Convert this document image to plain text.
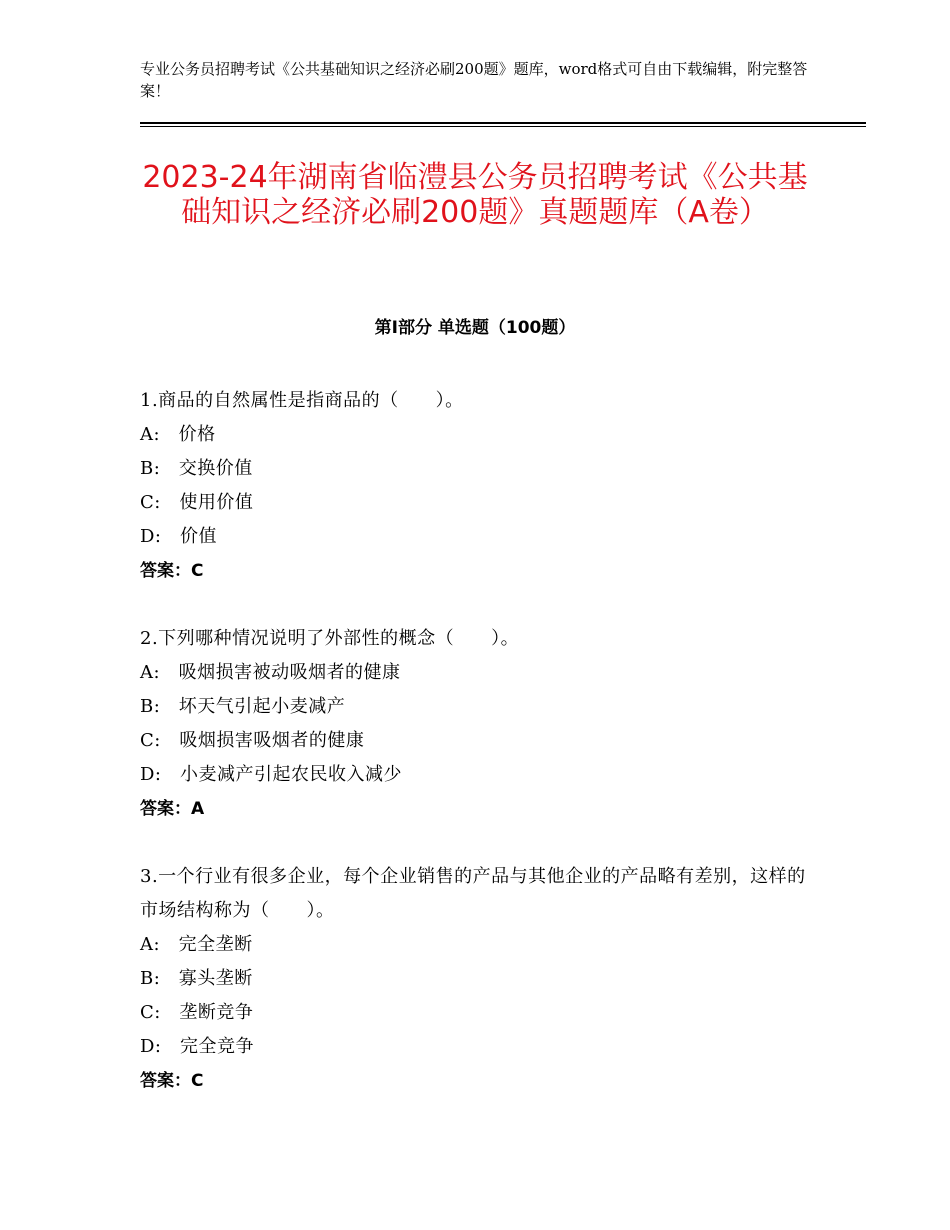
专业公务员招聘考试《公共基础知识之经济必刷200题》题库，word格式可自由下载编辑，附完整答案！
2023-24年湖南省临澧县公务员招聘考试《公共基础知识之经济必刷200题》真题题库（A卷）
第Ⅰ部分 单选题（100题）
1.商品的自然属性是指商品的（　　）。
A:　价格
B:　交换价值
C:　使用价值
D:　价值
答案：C
2.下列哪种情况说明了外部性的概念（　　）。
A:　吸烟损害被动吸烟者的健康
B:　坏天气引起小麦减产
C:　吸烟损害吸烟者的健康
D:　小麦减产引起农民收入减少
答案：A
3.一个行业有很多企业，每个企业销售的产品与其他企业的产品略有差别，这样的市场结构称为（　　）。
A:　完全垄断
B:　寡头垄断
C:　垄断竞争
D:　完全竞争
答案：C
